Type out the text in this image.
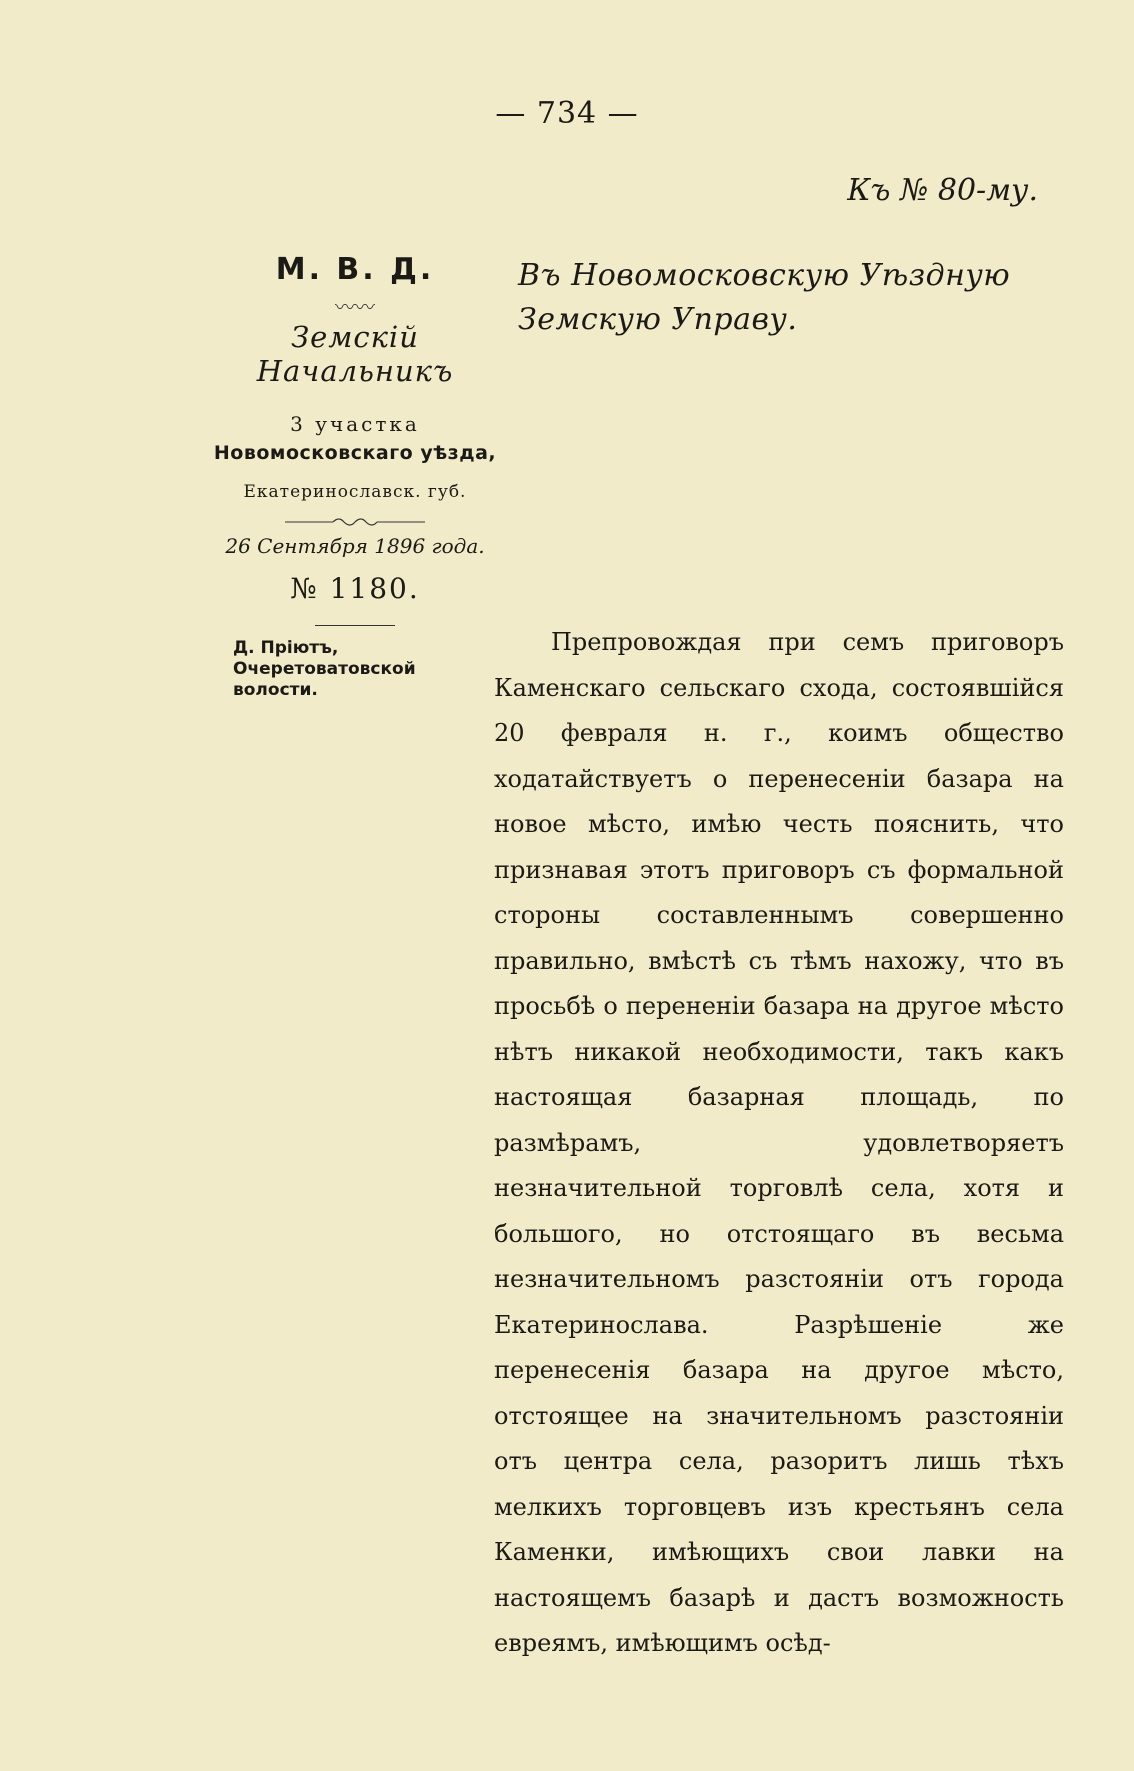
— 734 —
Къ № 80-му.
М. В. Д.
〰〰
Земскій Начальникъ
3 участка
Новомосковскаго уѣзда,
Екатеринославск. губ.
26 Сентября 1896 года.
№ 1180.
Д. Пріютъ, Очеретоватовской волости.
Въ Новомосковскую Уѣздную Земскую Управу.

Препровождая при семъ приговоръ Каменскаго сельскаго схода, состоявшійся 20 февраля н. г., коимъ общество ходатайствуетъ о перенесеніи базара на новое мѣсто, имѣю честь пояснить, что признавая этотъ приговоръ съ формальной стороны составленнымъ совершенно правильно, вмѣстѣ съ тѣмъ нахожу, что въ просьбѣ о перененіи базара на другое мѣсто нѣтъ никакой необходимости, такъ какъ настоящая базарная площадь, по размѣрамъ, удовлетворяетъ незначительной торговлѣ села, хотя и большого, но отстоящаго въ весьма незначительномъ разстояніи отъ города Екатеринослава. Разрѣшеніе же перенесенія базара на другое мѣсто, отстоящее на значительномъ разстояніи отъ центра села, разоритъ лишь тѣхъ мелкихъ торговцевъ изъ крестьянъ села Каменки, имѣющихъ свои лавки на настоящемъ базарѣ и дастъ возможность евреямъ, имѣющимъ осѣд-
